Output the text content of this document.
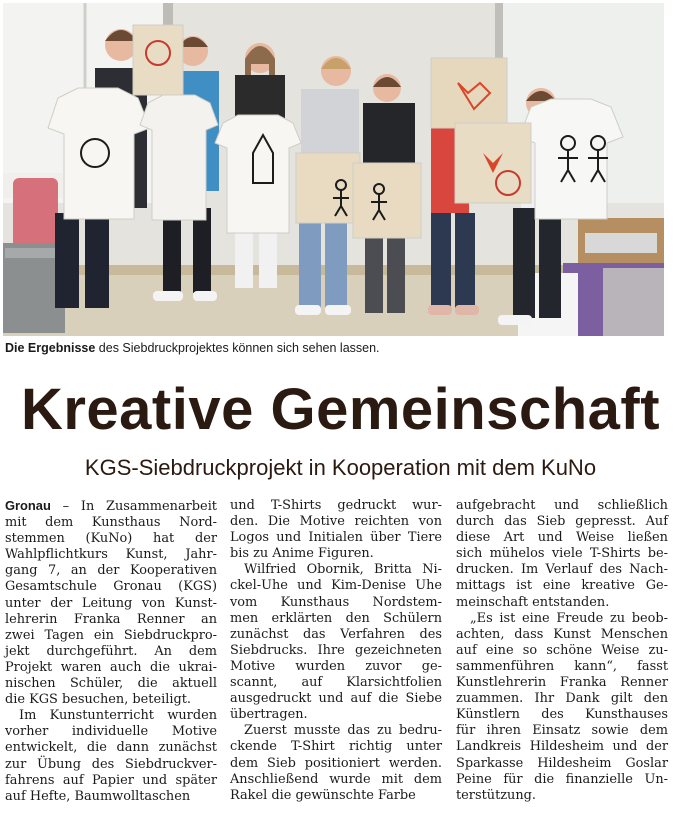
Die Ergebnisse des Siebdruckprojektes können sich sehen lassen.
Kreative Gemeinschaft
KGS-Siebdruckprojekt in Kooperation mit dem KuNo
Gronau – In Zusammenarbeit
mit dem Kunsthaus Nord-
stemmen (KuNo) hat der
Wahlpflichtkurs Kunst, Jahr-
gang 7, an der Kooperativen
Gesamtschule Gronau (KGS)
unter der Leitung von Kunst-
lehrerin Franka Renner an
zwei Tagen ein Siebdruckpro-
jekt durchgeführt. An dem
Projekt waren auch die ukrai-
nischen Schüler, die aktuell
die KGS besuchen, beteiligt.
Im Kunstunterricht wurden
vorher individuelle Motive
entwickelt, die dann zunächst
zur Übung des Siebdruckver-
fahrens auf Papier und später
auf Hefte, Baumwolltaschen
und T-Shirts gedruckt wur-
den. Die Motive reichten von
Logos und Initialen über Tiere
bis zu Anime Figuren.
Wilfried Obornik, Britta Ni-
ckel-Uhe und Kim-Denise Uhe
vom Kunsthaus Nordstem-
men erklärten den Schülern
zunächst das Verfahren des
Siebdrucks. Ihre gezeichneten
Motive wurden zuvor ge-
scannt, auf Klarsichtfolien
ausgedruckt und auf die Siebe
übertragen.
Zuerst musste das zu bedru-
ckende T-Shirt richtig unter
dem Sieb positioniert werden.
Anschließend wurde mit dem
Rakel die gewünschte Farbe
aufgebracht und schließlich
durch das Sieb gepresst. Auf
diese Art und Weise ließen
sich mühelos viele T-Shirts be-
drucken. Im Verlauf des Nach-
mittags ist eine kreative Ge-
meinschaft entstanden.
„Es ist eine Freude zu beob-
achten, dass Kunst Menschen
auf eine so schöne Weise zu-
sammenführen kann“, fasst
Kunstlehrerin Franka Renner
zuammen. Ihr Dank gilt den
Künstlern des Kunsthauses
für ihren Einsatz sowie dem
Landkreis Hildesheim und der
Sparkasse Hildesheim Goslar
Peine für die finanzielle Un-
terstützung.
